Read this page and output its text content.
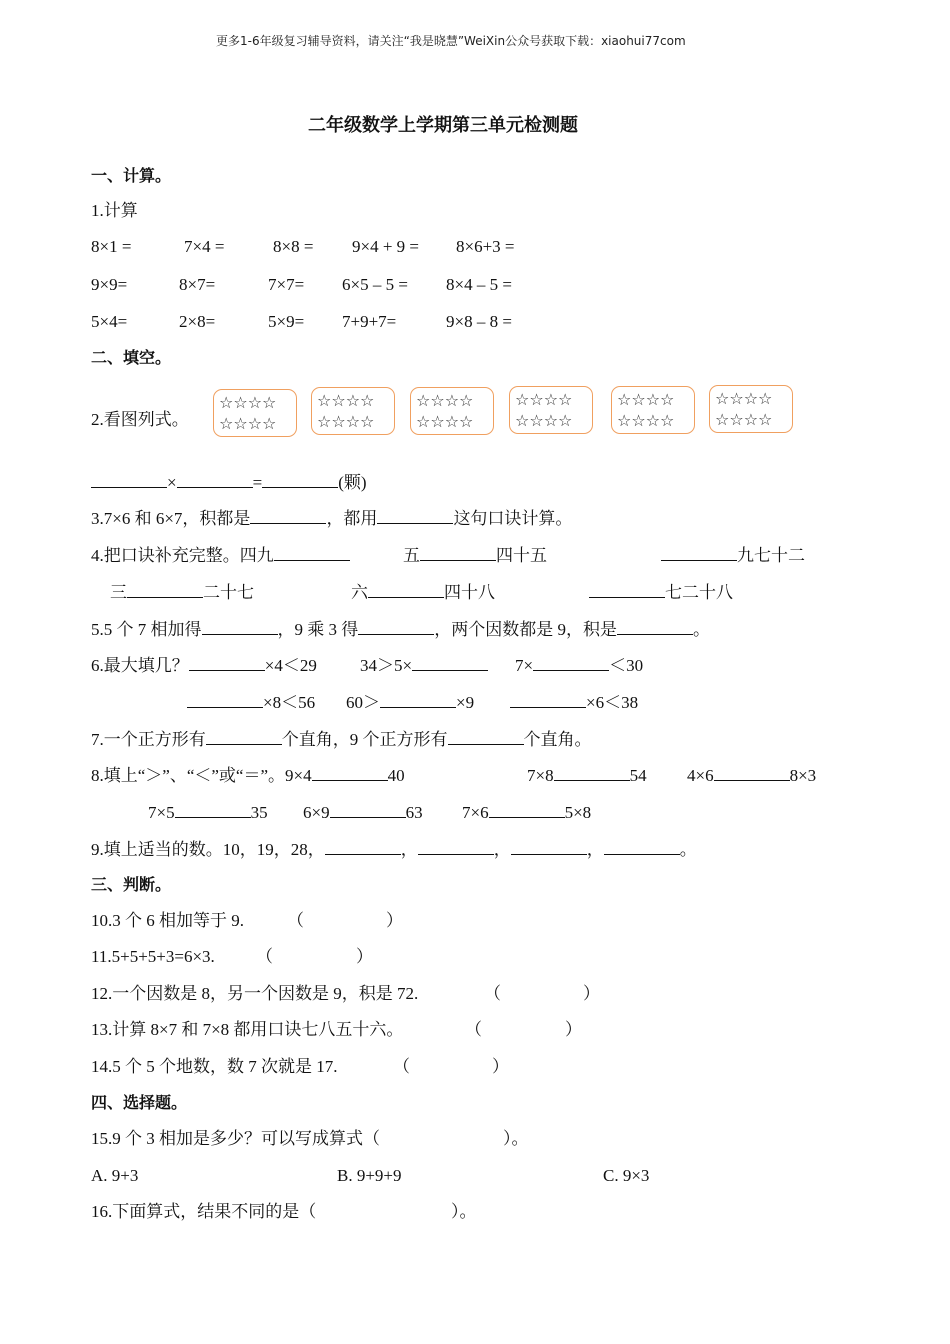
更多1-6年级复习辅导资料，请关注“我是晓慧”WeiXin公众号获取下载：xiaohui77com
二年级数学上学期第三单元检测题
一、计算。
1.计算
8×1 =	7×4 =	8×8 = 9×4 + 9 = 8×6+3 =
9×9=	8×7=	7×7= 6×5 – 5 = 8×4 – 5 =
5×4=	2×8=	5×9= 7+9+7=	9×8 – 8 =
二、填空。
2.看图列式。
☆☆☆☆
☆☆☆☆
☆☆☆☆
☆☆☆☆
☆☆☆☆
☆☆☆☆
☆☆☆☆
☆☆☆☆
☆☆☆☆
☆☆☆☆
☆☆☆☆
☆☆☆☆
×	=	(颗)
3.7×6 和 6×7，积都是	，都用	这句口诀计算。
4.把口诀补充完整。四九	五	四十五	九七十二
三	二十七	六	四十八	七二十八
5.5 个 7 相加得	，9 乘 3 得	，两个因数都是 9，积是	。
6.最大填几？	×4＜29	34＞5×	7×	＜30
×8＜56 60＞	×9	×6＜38
7.一个正方形有	个直角，9 个正方形有	个直角。
8.填上“＞”、“＜”或“＝”。9×4	40	7×8	54 4×6	8×3
7×5	35 6×9	63 7×6	5×8
9.填上适当的数。10，19，28，	，	，	，	。
三、判断。
10.3 个 6 相加等于 9.	（	）
11.5+5+5+3=6×3. （	）
12.一个因数是 8，另一个因数是 9，积是 72.	（	）
13.计算 8×7 和 7×8 都用口诀七八五十六。	（	）
14.5 个 5 个地数，数 7 次就是 17.	（	）
四、选择题。
15.9 个 3 相加是多少？可以写成算式（	）。
A. 9+3	B. 9+9+9	C. 9×3
16.下面算式，结果不同的是（	）。
